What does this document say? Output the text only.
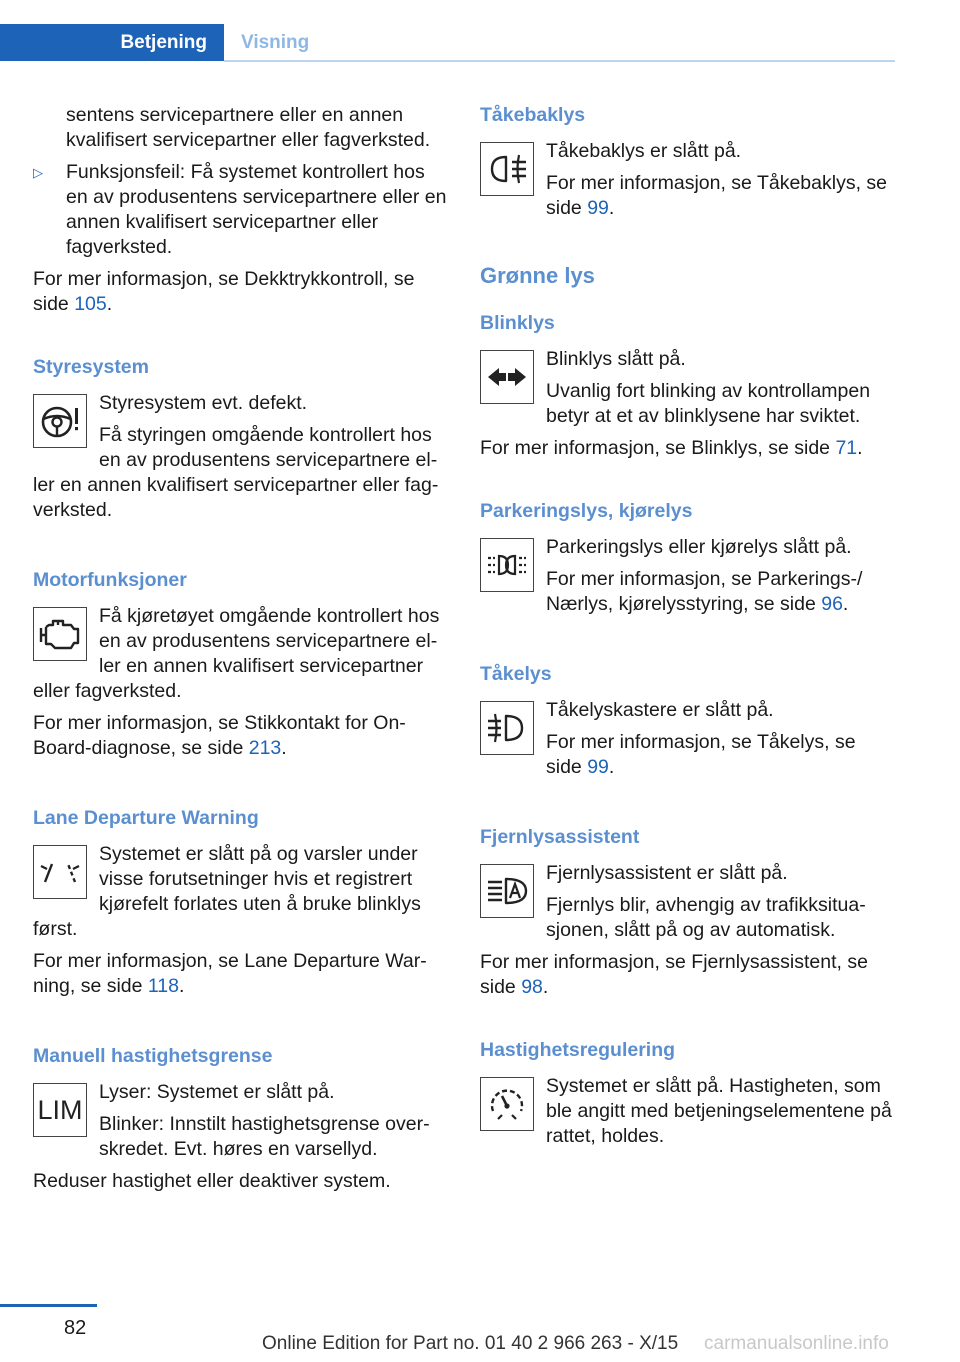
Betjening	Visning

sentens servicepartnere eller en annen kvalifisert servicepartner eller fagverksted.

▷ Funksjonsfeil: Få systemet kontrollert hos en av produsentens servicepartnere eller en annen kvalifisert servicepartner eller fagverksted.

For mer informasjon, se Dekktrykkontroll, se side 105.

Styresystem

Styresystem evt. defekt.

Få styringen omgående kontrollert hos en av produsentens servicepartnere eller en annen kvalifisert servicepartner eller fagverksted.

Motorfunksjoner

Få kjøretøyet omgående kontrollert hos en av produsentens servicepartnere eller en annen kvalifisert servicepartner eller fagverksted.

For mer informasjon, se Stikkontakt for On-Board-diagnose, se side 213.

Lane Departure Warning

Systemet er slått på og varsler under visse forutsetninger hvis et registrert kjørefelt forlates uten å bruke blinklys først.

For mer informasjon, se Lane Departure Warning, se side 118.

Manuell hastighetsgrense
LIM

Lyser: Systemet er slått på.

Blinker: Innstilt hastighetsgrense overskredet. Evt. høres en varsellyd.

Reduser hastighet eller deaktiver system.

Tåkebaklys

Tåkebaklys er slått på.

For mer informasjon, se Tåkebaklys, se side 99.

Grønne lys
Blinklys

Blinklys slått på.

Uvanlig fort blinking av kontrollampen betyr at et av blinklysene har sviktet.

For mer informasjon, se Blinklys, se side 71.

Parkeringslys, kjørelys

Parkeringslys eller kjørelys slått på.

For mer informasjon, se Parkerings-/ Nærlys, kjørelysstyring, se side 96.

Tåkelys

Tåkelyskastere er slått på.

For mer informasjon, se Tåkelys, se side 99.

Fjernlysassistent

Fjernlysassistent er slått på.

Fjernlys blir, avhengig av trafikksituasjonen, slått på og av automatisk.

For mer informasjon, se Fjernlysassistent, se side 98.

Hastighetsregulering

Systemet er slått på. Hastigheten, som ble angitt med betjeningselementene på rattet, holdes.

82
Online Edition for Part no. 01 40 2 966 263 - X/15 carmanualsonline.info
